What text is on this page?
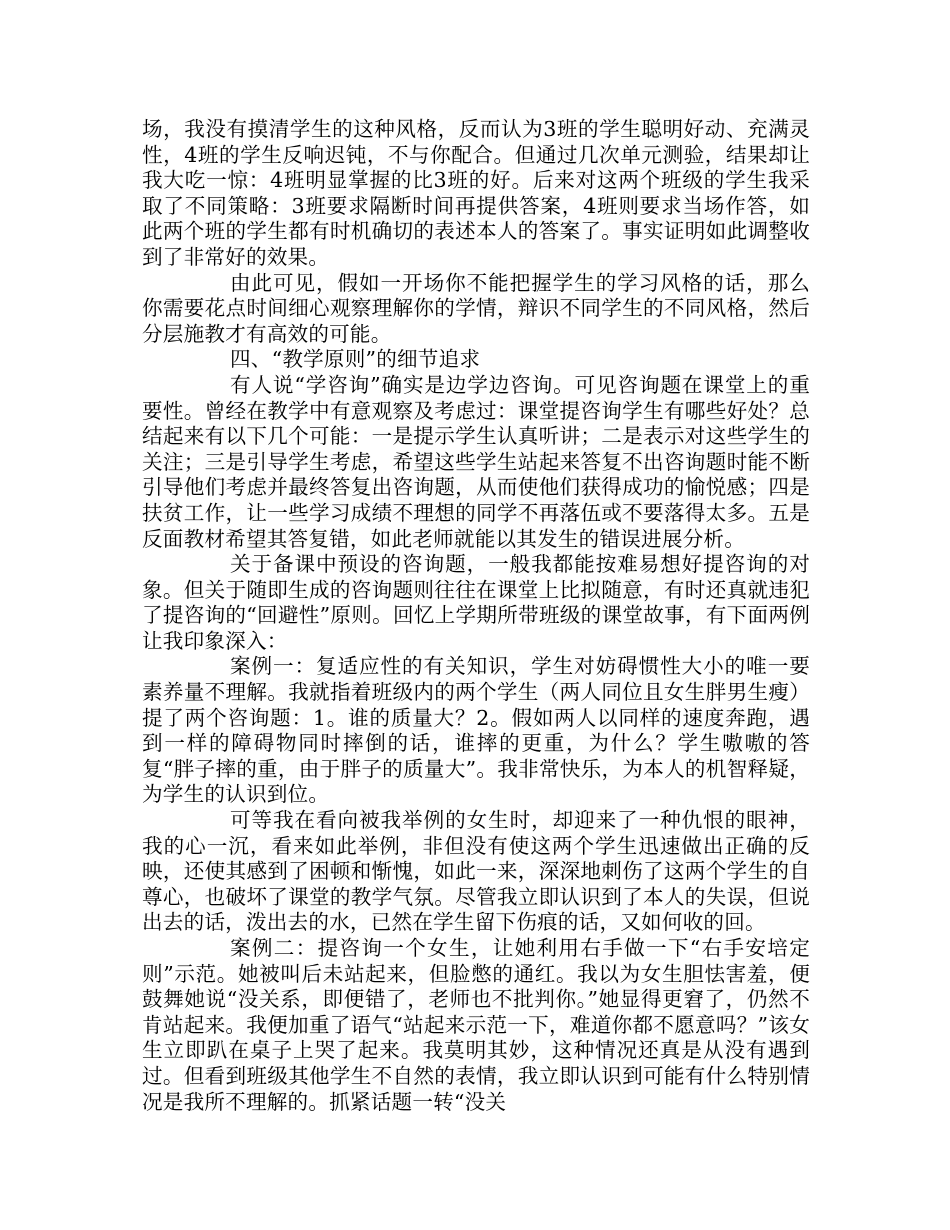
场，我没有摸清学生的这种风格，反而认为3班的学生聪明好动、充满灵性，4班的学生反响迟钝，不与你配合。但通过几次单元测验，结果却让我大吃一惊：4班明显掌握的比3班的好。后来对这两个班级的学生我采取了不同策略：3班要求隔断时间再提供答案，4班则要求当场作答，如此两个班的学生都有时机确切的表述本人的答案了。事实证明如此调整收到了非常好的效果。

由此可见，假如一开场你不能把握学生的学习风格的话，那么你需要花点时间细心观察理解你的学情，辩识不同学生的不同风格，然后分层施教才有高效的可能。

四、“教学原则”的细节追求

有人说“学咨询”确实是边学边咨询。可见咨询题在课堂上的重要性。曾经在教学中有意观察及考虑过：课堂提咨询学生有哪些好处？总结起来有以下几个可能：一是提示学生认真听讲；二是表示对这些学生的关注；三是引导学生考虑，希望这些学生站起来答复不出咨询题时能不断引导他们考虑并最终答复出咨询题，从而使他们获得成功的愉悦感；四是扶贫工作，让一些学习成绩不理想的同学不再落伍或不要落得太多。五是反面教材希望其答复错，如此老师就能以其发生的错误进展分析。

关于备课中预设的咨询题，一般我都能按难易想好提咨询的对象。但关于随即生成的咨询题则往往在课堂上比拟随意，有时还真就违犯了提咨询的“回避性”原则。回忆上学期所带班级的课堂故事，有下面两例让我印象深入：

案例一：复适应性的有关知识，学生对妨碍惯性大小的唯一要素养量不理解。我就指着班级内的两个学生（两人同位且女生胖男生瘦）提了两个咨询题：1。谁的质量大？2。假如两人以同样的速度奔跑，遇到一样的障碍物同时摔倒的话，谁摔的更重，为什么？学生嗷嗷的答复“胖子摔的重，由于胖子的质量大”。我非常快乐，为本人的机智释疑，为学生的认识到位。

可等我在看向被我举例的女生时，却迎来了一种仇恨的眼神，我的心一沉，看来如此举例，非但没有使这两个学生迅速做出正确的反映，还使其感到了困顿和惭愧，如此一来，深深地刺伤了这两个学生的自尊心，也破坏了课堂的教学气氛。尽管我立即认识到了本人的失误，但说出去的话，泼出去的水，已然在学生留下伤痕的话，又如何收的回。

案例二：提咨询一个女生，让她利用右手做一下“右手安培定则”示范。她被叫后未站起来，但脸憋的通红。我以为女生胆怯害羞，便鼓舞她说“没关系，即便错了，老师也不批判你。”她显得更窘了，仍然不肯站起来。我便加重了语气“站起来示范一下，难道你都不愿意吗？”该女生立即趴在桌子上哭了起来。我莫明其妙，这种情况还真是从没有遇到过。但看到班级其他学生不自然的表情，我立即认识到可能有什么特别情况是我所不理解的。抓紧话题一转“没关
